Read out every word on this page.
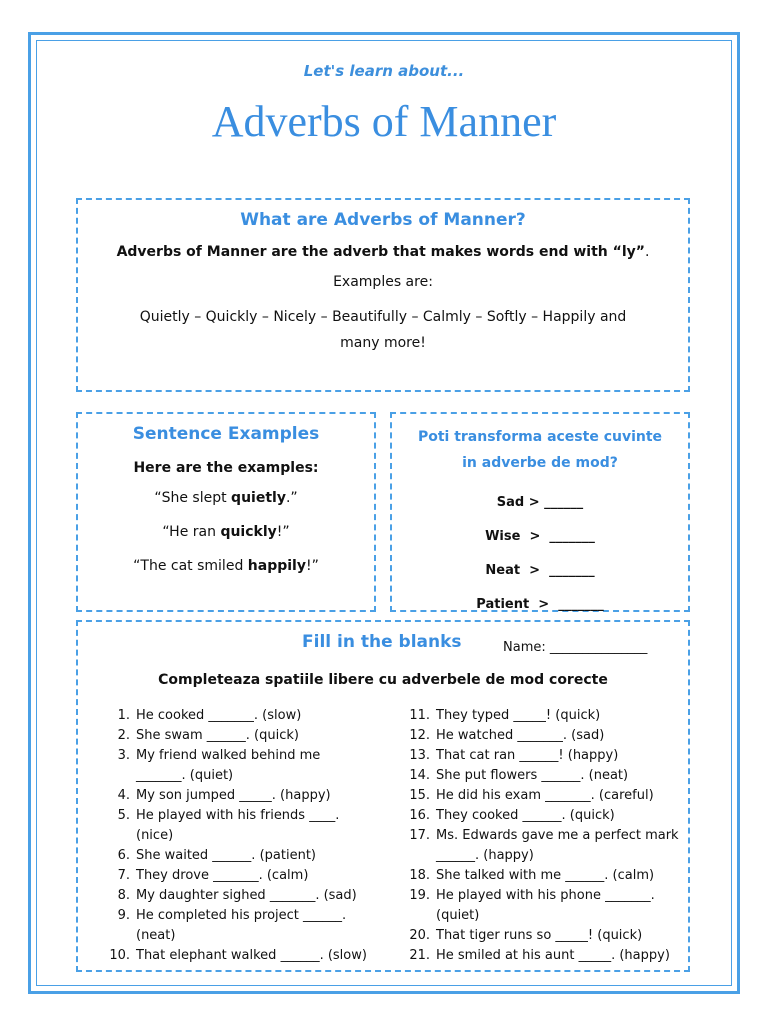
Let's learn about...
Adverbs of Manner
What are Adverbs of Manner?
Adverbs of Manner are the adverb that makes words end with “ly”.
Examples are:
Quietly – Quickly – Nicely – Beautifully – Calmly – Softly – Happily and
many more!
Sentence Examples
Here are the examples:
“She slept quietly.”
“He ran quickly!”
“The cat smiled happily!”
Poti transforma aceste cuvinte
in adverbe de mod?
Sad > ______
Wise  >  _______
Neat  >  _______
Patient  >  _______
Fill in the blanks	Name: _______________
Completeaza spatiile libere cu adverbele de mod corecte
1. He cooked _______. (slow)
2. She swam ______. (quick)
3. My friend walked behind me
_______. (quiet)
4. My son jumped _____. (happy)
5. He played with his friends ____.
(nice)
6. She waited ______. (patient)
7. They drove _______. (calm)
8. My daughter sighed _______. (sad)
9. He completed his project ______.
(neat)
10. That elephant walked ______. (slow)
11. They typed _____! (quick)
12. He watched _______. (sad)
13. That cat ran ______! (happy)
14. She put flowers ______. (neat)
15. He did his exam _______. (careful)
16. They cooked ______. (quick)
17. Ms. Edwards gave me a perfect mark
______. (happy)
18. She talked with me ______. (calm)
19. He played with his phone _______.
(quiet)
20. That tiger runs so _____! (quick)
21. He smiled at his aunt _____. (happy)
